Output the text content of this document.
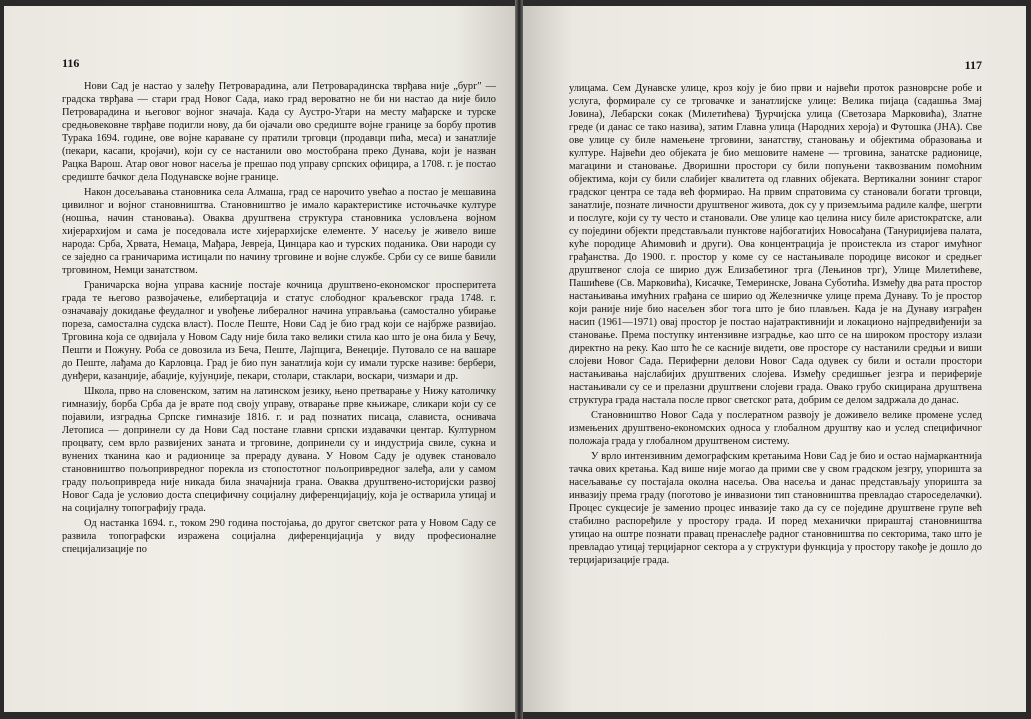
116

Нови Сад је настао у залеђу Петроварадина, али Петроварадинска тврђава није „бург" — градска тврђава — стари град Новог Сада, иако град вероватно не би ни настао да није било Петроварадина и његовог војног значаја. Када су Аустро-Угари на месту мађарске и турске средњовековне тврђаве подигли нову, да би ојачали ово средиште војне границе за борбу против Турака 1694. године, ове војне караване су пратили трговци (продавци пића, меса) и занатлије (пекари, касапи, кројачи), који су се настанили ово мостобрана преко Дунава, који је назван Рацка Варош. Атар овог новог насеља је прешао под управу српских официра, а 1708. г. је постао средиште бачког дела Подунавске војне границе.

Након досељавања становника села Алмаша, град се нарочито увећао а постао је мешавина цивилног и војног становништва. Становништво је имало карактеристике источњачке културе (ношња, начин становања). Оваква друштвена структура становника условљена војном хијерархијом и сама је поседовала исте хијерархијске елементе. У насељу је живело више народа: Срба, Хрвата, Немаца, Мађара, Јевреја, Цинцара као и турских поданика. Ови народи су се заједно са граничарима истицали по начину трговине и војне службе. Срби су се више бавили трговином, Немци занатством.

Граничарска војна управа касније постаје кочница друштвено-економског просперитета града те његово развојачење, елибертација и статус слободног краљевског града 1748. г. означавају докидање феудалног и увођење либералног начина управљања (самостално убирање пореза, самостална судска власт). После Пеште, Нови Сад је био град који се најбрже развијао. Трговина која се одвијала у Новом Саду није била тако велики стила као што је она била у Бечу, Пешти и Пожуну. Роба се довозила из Беча, Пеште, Лајпцига, Венеције. Путовало се на вашаре до Пеште, лађама до Карловца. Град је био пун занатлија који су имали турске називе: бербери, дунђери, казанџије, абаџије, кујунџије, пекари, столари, стаклари, воскари, чизмари и др.

Школа, прво на словенском, затим на латинском језику, њено претварање у Нижу католичку гимназију, борба Срба да је врате под своју управу, отварање прве књижаре, сликари који су се појавили, изградња Српске гимназије 1816. г. и рад познатих писаца, слависта, оснивача Летописа — допринели су да Нови Сад постане главни српски издавачки центар. Културном процвату, сем врло развијених заната и трговине, допринели су и индустрија свиле, сукна и вунених тканина као и радионице за прераду дувана. У Новом Саду је одувек становало становништво пољопривредног порекла из стопостотног пољопривредног залеђа, али у самом граду пољопривреда није никада била значајнија грана. Оваква друштвено-историјски развој Новог Сада је условио доста специфичну социјалну диференцијацију, која је остварила утицај и на социјалну топографију града.

Од настанка 1694. г., током 290 година постојања, до другог светског рата у Новом Саду се развила топографски изражена социјална диференцијација у виду професионалне специјализације по

117

улицама. Сем Дунавске улице, кроз коју је био први и највећи проток разноврсне робе и услуга, формирале су се трговачке и занатлијске улице: Велика пијаца (садашња Змај Јовина), Лебарски сокак (Милетићева) Ђурчијска улица (Светозара Марковића), Златне греде (и данас се тако назива), затим Главна улица (Народних хероја) и Футошка (ЈНА). Све ове улице су биле намењене трговини, занатству, становању и објектима образовања и културе. Највећи део објеката је био мешовите намене — трговина, занатске радионице, магацини и становање. Дворишни простори су били попуњени таквозваним помоћним објектима, који су били слабијег квалитета од главних објеката. Вертикални зонинг старог градског центра се тада већ формирао. На првим спратовима су становали богати трговци, занатлије, познате личности друштвеног живота, док су у приземљима радиле калфе, шегрти и послуге, који су ту често и становали. Ове улице као целина нису биле аристократске, али су поједини објекти представљали пунктове најбогатијих Новосађана (Тануриџијева палата, куће породице Аћимовић и други). Ова концентрација је проистекла из старог имућног грађанства. До 1900. г. простор у коме су се настањивале породице високог и средњег друштвеног слоја се ширио дуж Елизабетиног трга (Лењинов трг), Улице Милетићеве, Пашићеве (Св. Марковића), Кисачке, Темеринске, Јована Суботића. Између два рата простор настањивања имућних грађана се ширио од Железничке улице према Дунаву. То је простор који раније није био насељен због тога што је био плављен. Када је на Дунаву изграђен насип (1961—1971) овај простор је постао најатрактивнији и локационо најпредвиђенији за становање. Према поступку интензивне изградње, као што се на широком простору излази директно на реку. Као што ће се касније видети, ове просторе су настанили средњи и виши слојеви Новог Сада. Периферни делови Новог Сада одувек су били и остали простори настањивања најслабијих друштвених слојева. Између средишњег језгра и периферије настањивали су се и прелазни друштвени слојеви града. Овако грубо скицирана друштвена структура града настала после првог светског рата, добрим се делом задржала до данас.

Становништво Новог Сада у послератном развоју је доживело велике промене услед измењених друштвено-економских односа у глобалном друштву као и услед специфичног положаја града у глобалном друштвеном систему.

У врло интензивним демографским кретањима Нови Сад је био и остао најмаркантнија тачка ових кретања. Кад више није могао да прими све у свом градском језгру, упоришта за насељавање су постајала околна насеља. Ова насеља и данас представљају упоришта за инвазију према граду (поготово је инвазиони тип становништва превладао староседелачки). Процес сукцесије је заменио процес инвазије тако да су се поједине друштвене групе већ стабилно распоређиле у простору града. И поред механички прираштај становништва утицао на оштре познати правац пренаслеђе радног становништва по секторима, тако што је превладао утицај терцијарног сектора а у структури функција у простору такође је дошло до терцијаризације града.
